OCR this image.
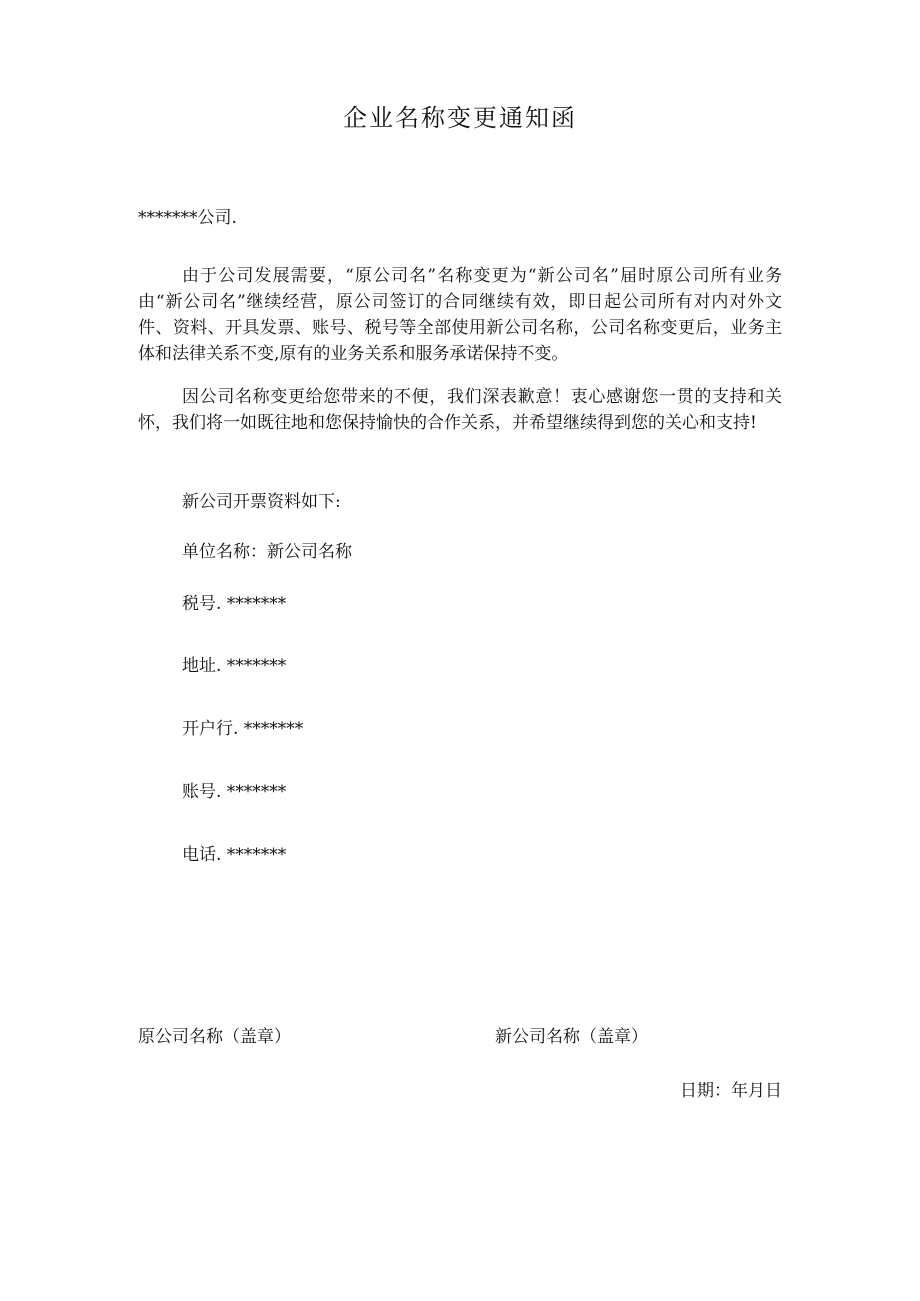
企业名称变更通知函
*******公司.

由于公司发展需要，“原公司名”名称变更为“新公司名”届时原公司所有业务由“新公司名”继续经营，原公司签订的合同继续有效，即日起公司所有对内对外文件、资料、开具发票、账号、税号等全部使用新公司名称，公司名称变更后，业务主体和法律关系不变,原有的业务关系和服务承诺保持不变。

因公司名称变更给您带来的不便，我们深表歉意！衷心感谢您一贯的支持和关怀，我们将一如既往地和您保持愉快的合作关系，并希望继续得到您的关心和支持!

新公司开票资料如下:
单位名称：新公司名称
税号. *******
地址. *******
开户行. *******
账号. *******
电话. *******
原公司名称（盖章）	新公司名称（盖章）
日期：年月日
